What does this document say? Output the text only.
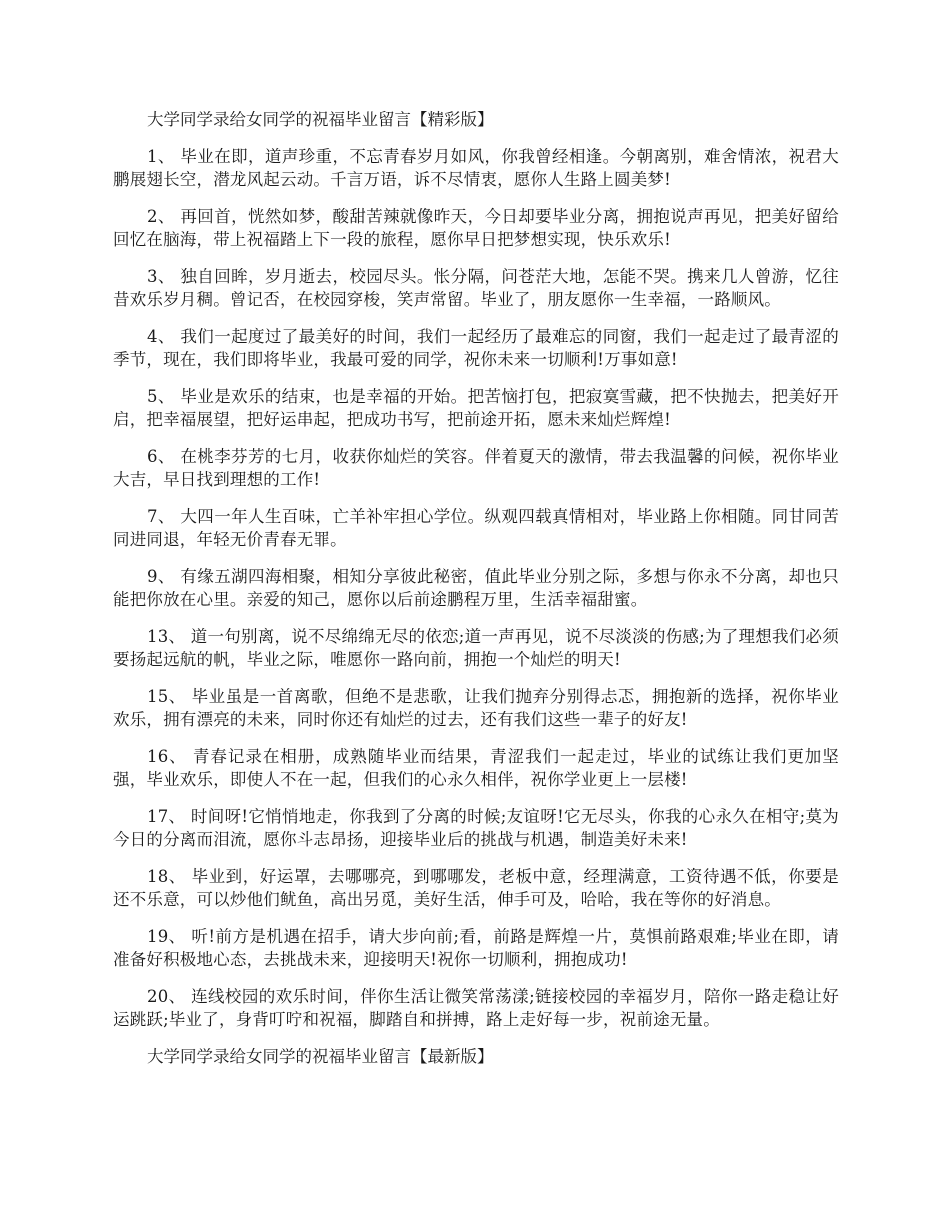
大学同学录给女同学的祝福毕业留言【精彩版】

1、 毕业在即，道声珍重，不忘青春岁月如风，你我曾经相逢。今朝离别，难舍情浓，祝君大鹏展翅长空，潜龙风起云动。千言万语，诉不尽情衷，愿你人生路上圆美梦!

2、 再回首，恍然如梦，酸甜苦辣就像昨天，今日却要毕业分离，拥抱说声再见，把美好留给回忆在脑海，带上祝福踏上下一段的旅程，愿你早日把梦想实现，快乐欢乐!

3、 独自回眸，岁月逝去，校园尽头。怅分隔，问苍茫大地，怎能不哭。携来几人曾游，忆往昔欢乐岁月稠。曾记否，在校园穿梭，笑声常留。毕业了，朋友愿你一生幸福，一路顺风。

4、 我们一起度过了最美好的时间，我们一起经历了最难忘的同窗，我们一起走过了最青涩的季节，现在，我们即将毕业，我最可爱的同学，祝你未来一切顺利!万事如意!

5、 毕业是欢乐的结束，也是幸福的开始。把苦恼打包，把寂寞雪藏，把不快抛去，把美好开启，把幸福展望，把好运串起，把成功书写，把前途开拓，愿未来灿烂辉煌!

6、 在桃李芬芳的七月，收获你灿烂的笑容。伴着夏天的激情，带去我温馨的问候，祝你毕业大吉，早日找到理想的工作!

7、 大四一年人生百味，亡羊补牢担心学位。纵观四载真情相对，毕业路上你相随。同甘同苦同进同退，年轻无价青春无罪。

9、 有缘五湖四海相聚，相知分享彼此秘密，值此毕业分别之际，多想与你永不分离，却也只能把你放在心里。亲爱的知己，愿你以后前途鹏程万里，生活幸福甜蜜。

13、 道一句别离，说不尽绵绵无尽的依恋;道一声再见，说不尽淡淡的伤感;为了理想我们必须要扬起远航的帆，毕业之际，唯愿你一路向前，拥抱一个灿烂的明天!

15、 毕业虽是一首离歌，但绝不是悲歌，让我们抛弃分别得忐忑，拥抱新的选择，祝你毕业欢乐，拥有漂亮的未来，同时你还有灿烂的过去，还有我们这些一辈子的好友!

16、 青春记录在相册，成熟随毕业而结果，青涩我们一起走过，毕业的试练让我们更加坚强，毕业欢乐，即使人不在一起，但我们的心永久相伴，祝你学业更上一层楼!

17、 时间呀!它悄悄地走，你我到了分离的时候;友谊呀!它无尽头，你我的心永久在相守;莫为今日的分离而泪流，愿你斗志昂扬，迎接毕业后的挑战与机遇，制造美好未来!

18、 毕业到，好运罩，去哪哪亮，到哪哪发，老板中意，经理满意，工资待遇不低，你要是还不乐意，可以炒他们鱿鱼，高出另觅，美好生活，伸手可及，哈哈，我在等你的好消息。

19、 听!前方是机遇在招手，请大步向前;看，前路是辉煌一片，莫惧前路艰难;毕业在即，请准备好积极地心态，去挑战未来，迎接明天!祝你一切顺利，拥抱成功!

20、 连线校园的欢乐时间，伴你生活让微笑常荡漾;链接校园的幸福岁月，陪你一路走稳让好运跳跃;毕业了，身背叮咛和祝福，脚踏自和拼搏，路上走好每一步，祝前途无量。

大学同学录给女同学的祝福毕业留言【最新版】
